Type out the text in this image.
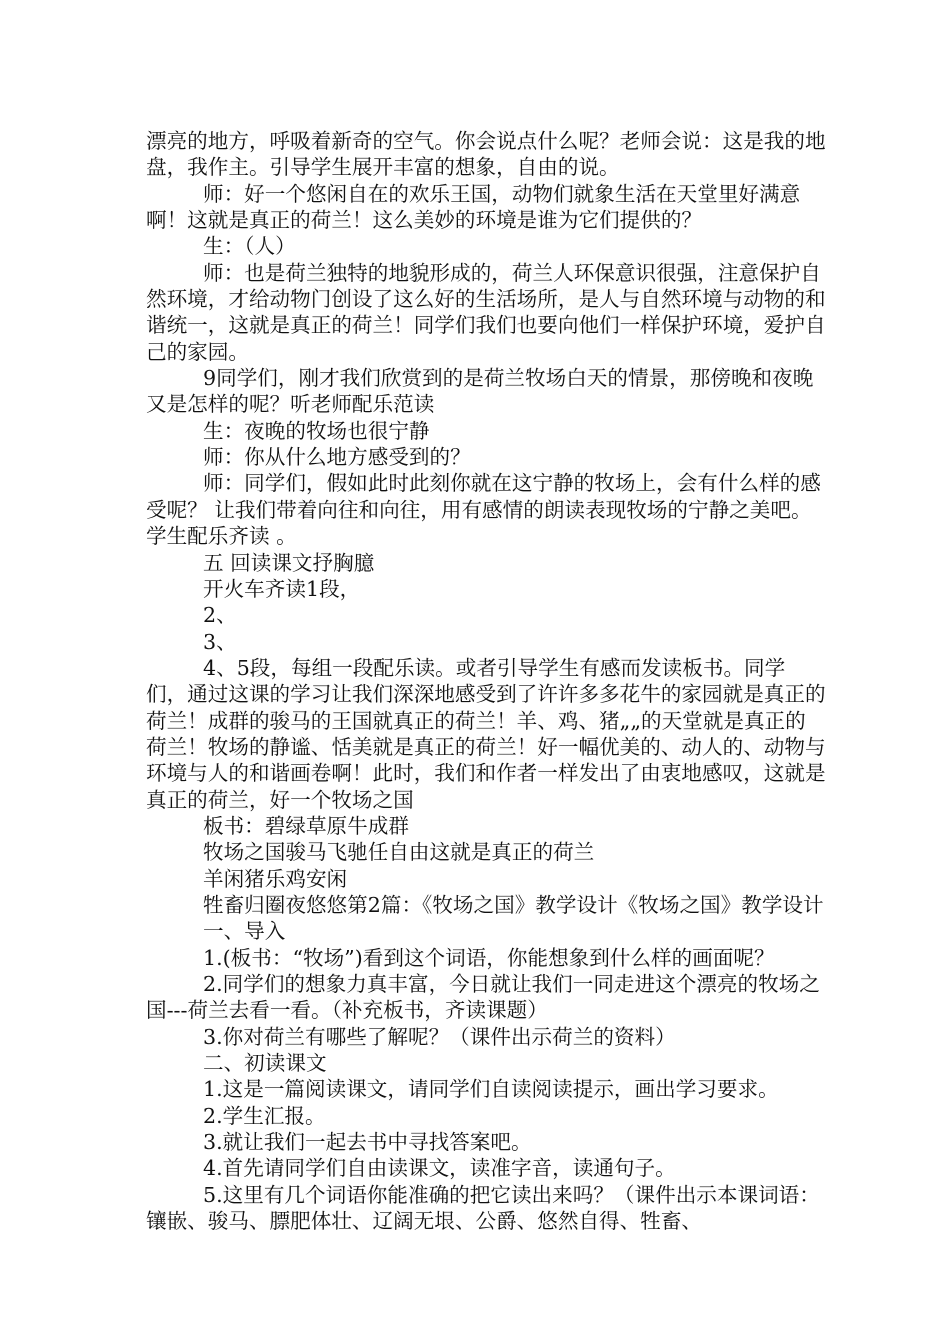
漂亮的地方，呼吸着新奇的空气。你会说点什么呢？老师会说：这是我的地盘，我作主。引导学生展开丰富的想象，自由的说。

师：好一个悠闲自在的欢乐王国，动物们就象生活在天堂里好满意啊！这就是真正的荷兰！这么美妙的环境是谁为它们提供的？

生：（人）

师：也是荷兰独特的地貌形成的，荷兰人环保意识很强，注意保护自然环境，才给动物门创设了这么好的生活场所，是人与自然环境与动物的和谐统一，这就是真正的荷兰！同学们我们也要向他们一样保护环境，爱护自己的家园。

9同学们，刚才我们欣赏到的是荷兰牧场白天的情景，那傍晚和夜晚又是怎样的呢？听老师配乐范读

生：夜晚的牧场也很宁静

师：你从什么地方感受到的？

师：同学们，假如此时此刻你就在这宁静的牧场上，会有什么样的感受呢？ 让我们带着向往和向往，用有感情的朗读表现牧场的宁静之美吧。学生配乐齐读 。

五 回读课文抒胸臆

开火车齐读1段，

2、

3、

4、5段，每组一段配乐读。或者引导学生有感而发读板书。同学们，通过这课的学习让我们深深地感受到了许许多多花牛的家园就是真正的荷兰！成群的骏马的王国就真正的荷兰！羊、鸡、猪„„的天堂就是真正的荷兰！牧场的静谧、恬美就是真正的荷兰！好一幅优美的、动人的、动物与环境与人的和谐画卷啊！此时，我们和作者一样发出了由衷地感叹，这就是真正的荷兰，好一个牧场之国

板书：碧绿草原牛成群

牧场之国骏马飞驰任自由这就是真正的荷兰

羊闲猪乐鸡安闲

牲畜归圈夜悠悠第2篇：《牧场之国》教学设计《牧场之国》教学设计

一、导入

1.(板书：“牧场”)看到这个词语，你能想象到什么样的画面呢？

2.同学们的想象力真丰富，今日就让我们一同走进这个漂亮的牧场之国---荷兰去看一看。（补充板书，齐读课题）

3.你对荷兰有哪些了解呢？（课件出示荷兰的资料）

二、初读课文

1.这是一篇阅读课文，请同学们自读阅读提示，画出学习要求。

2.学生汇报。

3.就让我们一起去书中寻找答案吧。

4.首先请同学们自由读课文，读准字音，读通句子。

5.这里有几个词语你能准确的把它读出来吗？（课件出示本课词语：镶嵌、骏马、膘肥体壮、辽阔无垠、公爵、悠然自得、牲畜、
